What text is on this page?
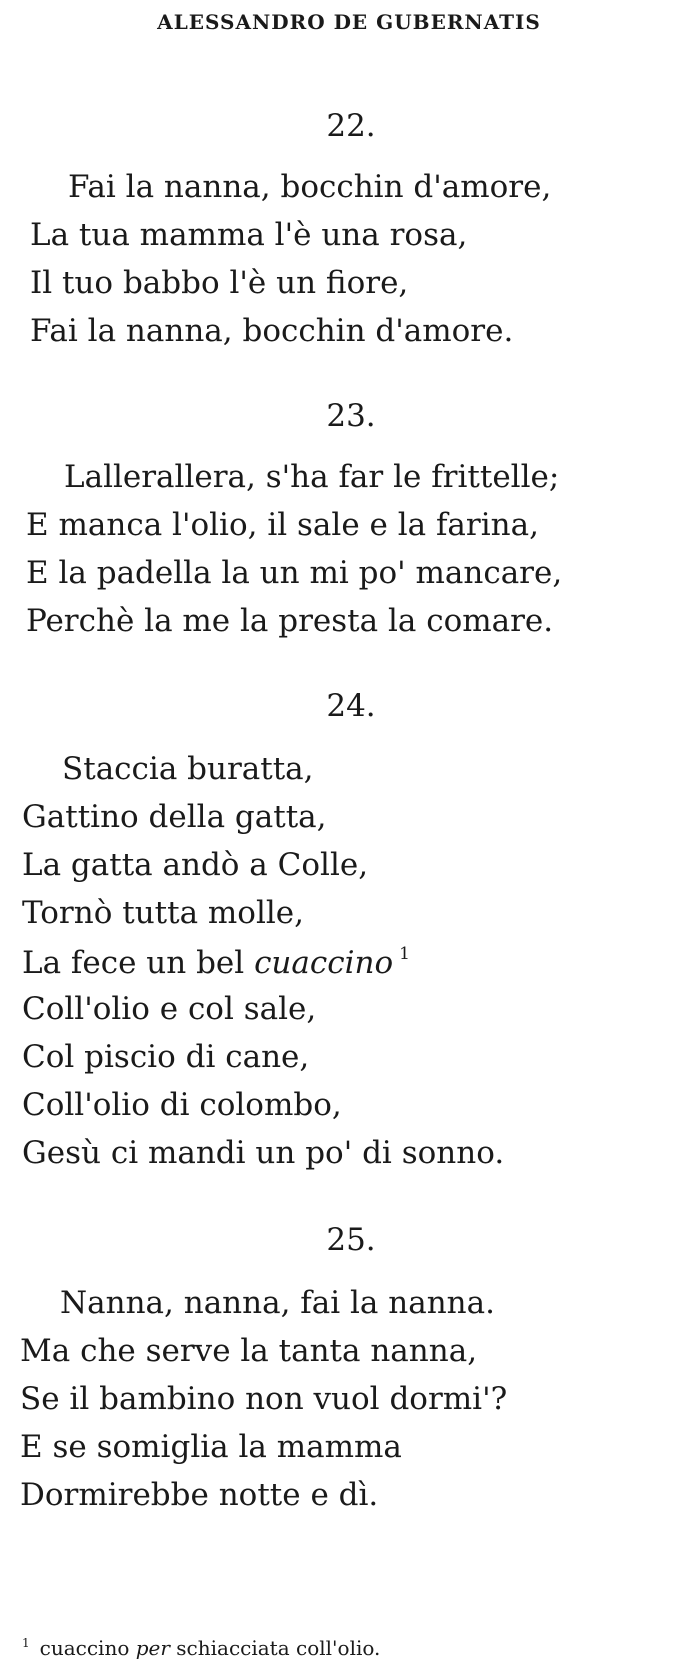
ALESSANDRO DE GUBERNATIS
22.
Fai la nanna, bocchin d'amore,
La tua mamma l'è una rosa,
Il tuo babbo l'è un fiore,
Fai la nanna, bocchin d'amore.
23.
Lallerallera, s'ha far le frittelle;
E manca l'olio, il sale e la farina,
E la padella la un mi po' mancare,
Perchè la me la presta la comare.
24.
Staccia buratta,
Gattino della gatta,
La gatta andò a Colle,
Tornò tutta molle,
La fece un bel cuaccino $^1$
Coll'olio e col sale,
Col piscio di cane,
Coll'olio di colombo,
Gesù ci mandi un po' di sonno.
25.
Nanna, nanna, fai la nanna.
Ma che serve la tanta nanna,
Se il bambino non vuol dormi'?
E se somiglia la mamma
Dormirebbe notte e dì.
$^1$ cuaccino per schiacciata coll'olio.
